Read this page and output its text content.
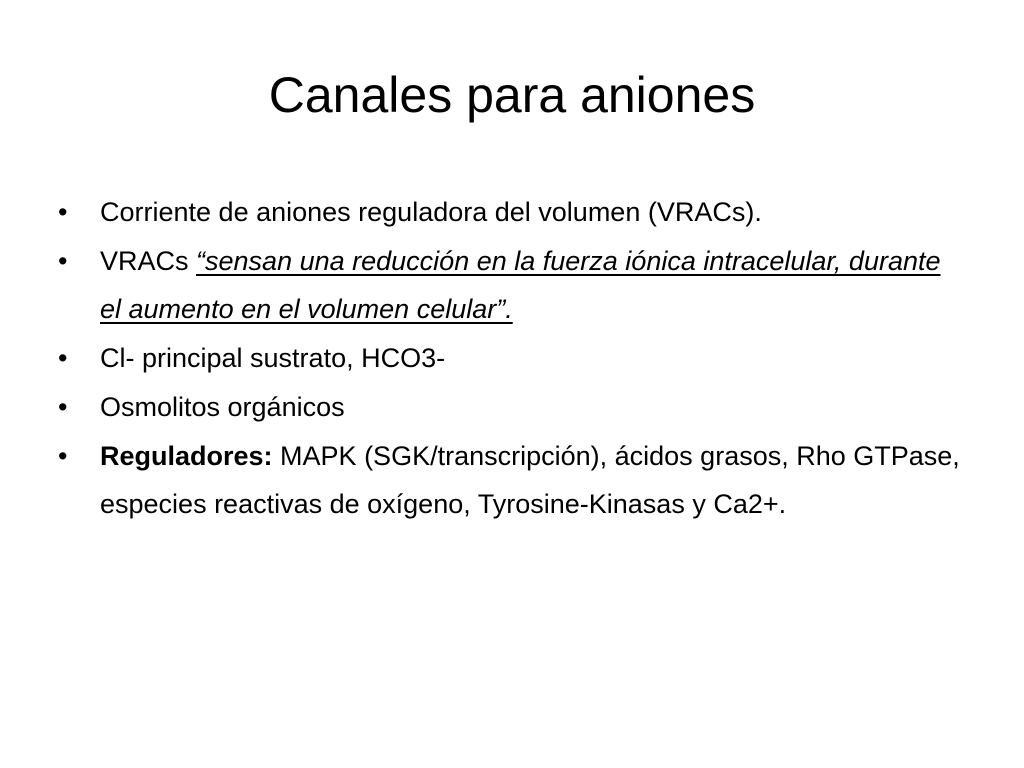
Canales para aniones
• Corriente de aniones reguladora del volumen (VRACs).
• VRACs “sensan una reducción en la fuerza iónica intracelular, durante el aumento en el volumen celular”.
• Cl- principal sustrato, HCO3-
• Osmolitos orgánicos
• Reguladores: MAPK (SGK/transcripción), ácidos grasos, Rho GTPase, especies reactivas de oxígeno, Tyrosine-Kinasas y Ca2+.
